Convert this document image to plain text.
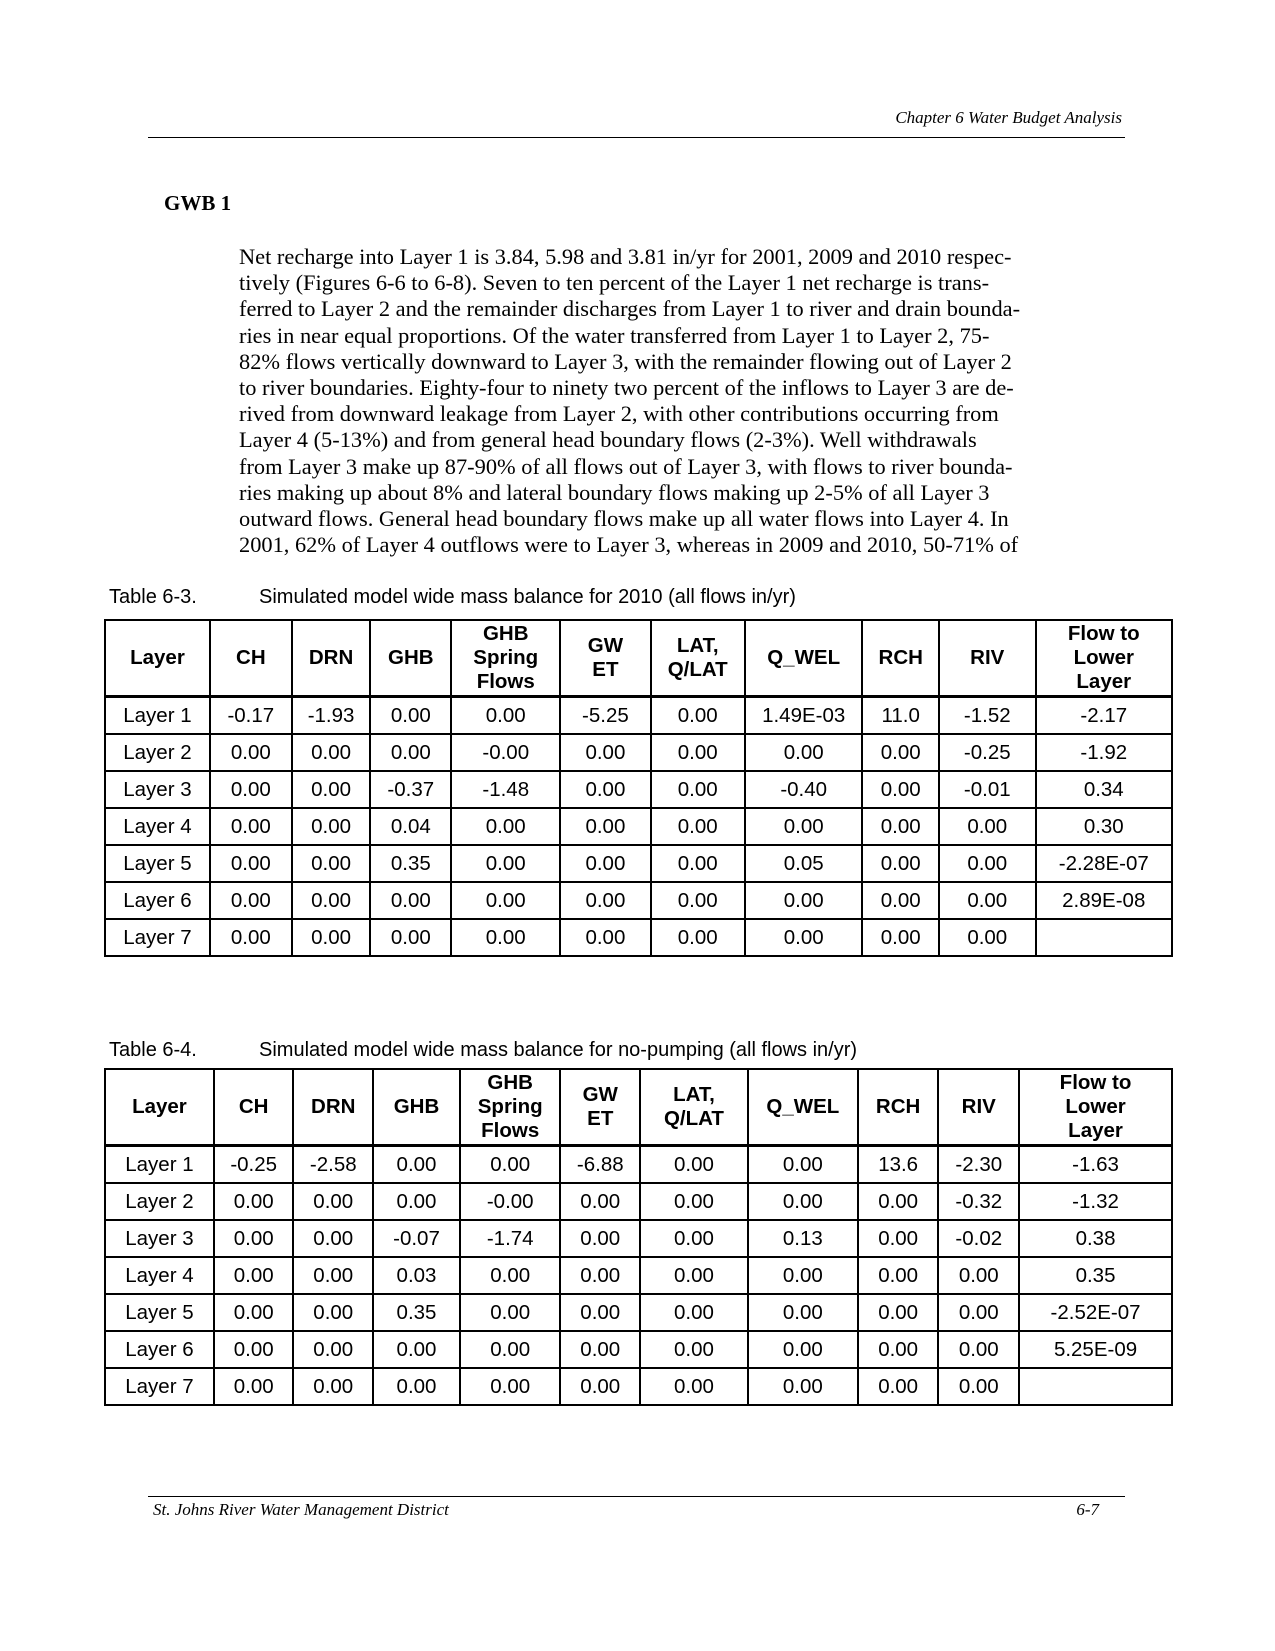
Chapter 6 Water Budget Analysis
GWB 1
Net recharge into Layer 1 is 3.84, 5.98 and 3.81 in/yr for 2001, 2009 and 2010 respec-
tively (Figures 6-6 to 6-8). Seven to ten percent of the Layer 1 net recharge is trans-
ferred to Layer 2 and the remainder discharges from Layer 1 to river and drain bounda-
ries in near equal proportions. Of the water transferred from Layer 1 to Layer 2, 75-
82% flows vertically downward to Layer 3, with the remainder flowing out of Layer 2
to river boundaries. Eighty-four to ninety two percent of the inflows to Layer 3 are de-
rived from downward leakage from Layer 2, with other contributions occurring from
Layer 4 (5-13%) and from general head boundary flows (2-3%). Well withdrawals
from Layer 3 make up 87-90% of all flows out of Layer 3, with flows to river bounda-
ries making up about 8% and lateral boundary flows making up 2-5% of all Layer 3
outward flows. General head boundary flows make up all water flows into Layer 4. In
2001, 62% of Layer 4 outflows were to Layer 3, whereas in 2009 and 2010, 50-71% of
Table 6-3.	Simulated model wide mass balance for 2010 (all flows in/yr)
Layer	CH	DRN	GHB	GHB
Spring
Flows	GW
ET	LAT,
Q/LAT	Q_WEL	RCH	RIV	Flow to
Lower
Layer
Layer 1	-0.17	-1.93	0.00	0.00	-5.25	0.00	1.49E-03	11.0	-1.52	-2.17
Layer 2	0.00	0.00	0.00	-0.00	0.00	0.00	0.00	0.00	-0.25	-1.92
Layer 3	0.00	0.00	-0.37	-1.48	0.00	0.00	-0.40	0.00	-0.01	0.34
Layer 4	0.00	0.00	0.04	0.00	0.00	0.00	0.00	0.00	0.00	0.30
Layer 5	0.00	0.00	0.35	0.00	0.00	0.00	0.05	0.00	0.00	-2.28E-07
Layer 6	0.00	0.00	0.00	0.00	0.00	0.00	0.00	0.00	0.00	2.89E-08
Layer 7	0.00	0.00	0.00	0.00	0.00	0.00	0.00	0.00	0.00	
Table 6-4.	Simulated model wide mass balance for no-pumping (all flows in/yr)
Layer	CH	DRN	GHB	GHB
Spring
Flows	GW
ET	LAT,
Q/LAT	Q_WEL	RCH	RIV	Flow to
Lower
Layer
Layer 1	-0.25	-2.58	0.00	0.00	-6.88	0.00	0.00	13.6	-2.30	-1.63
Layer 2	0.00	0.00	0.00	-0.00	0.00	0.00	0.00	0.00	-0.32	-1.32
Layer 3	0.00	0.00	-0.07	-1.74	0.00	0.00	0.13	0.00	-0.02	0.38
Layer 4	0.00	0.00	0.03	0.00	0.00	0.00	0.00	0.00	0.00	0.35
Layer 5	0.00	0.00	0.35	0.00	0.00	0.00	0.00	0.00	0.00	-2.52E-07
Layer 6	0.00	0.00	0.00	0.00	0.00	0.00	0.00	0.00	0.00	5.25E-09
Layer 7	0.00	0.00	0.00	0.00	0.00	0.00	0.00	0.00	0.00	
St. Johns River Water Management District	6-7
